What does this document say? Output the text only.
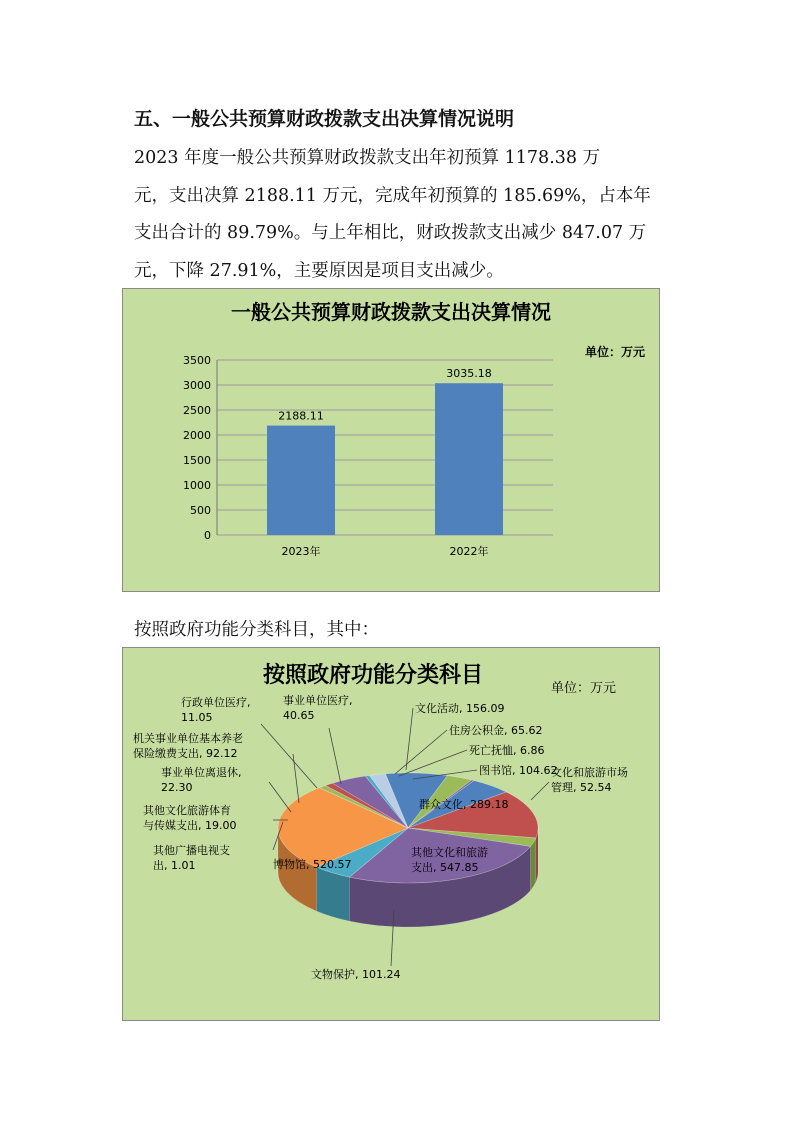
五、一般公共预算财政拨款支出决算情况说明
2023 年度一般公共预算财政拨款支出年初预算 1178.38 万
元，支出决算 2188.11 万元，完成年初预算的 185.69%，占本年
支出合计的 89.79%。与上年相比，财政拨款支出减少 847.07 万
元，下降 27.91%，主要原因是项目支出减少。
一般公共预算财政拨款支出决算情况
单位：万元
0
500
1000
1500
2000
2500
3000
3500
2188.11
3035.18
2023年	2022年
按照政府功能分类科目，其中：
按照政府功能分类科目
单位：万元
文化活动, 156.09
住房公积金, 65.62
死亡抚恤, 6.86
图书馆, 104.62
群众文化, 289.18
文化和旅游市场管理, 52.54
其他文化和旅游支出, 547.85
文物保护, 101.24
博物馆, 520.57
其他广播电视支出, 1.01
其他文化旅游体育与传媒支出, 19.00
事业单位离退休, 22.30
机关事业单位基本养老保险缴费支出, 92.12
行政单位医疗, 11.05
事业单位医疗, 40.65
